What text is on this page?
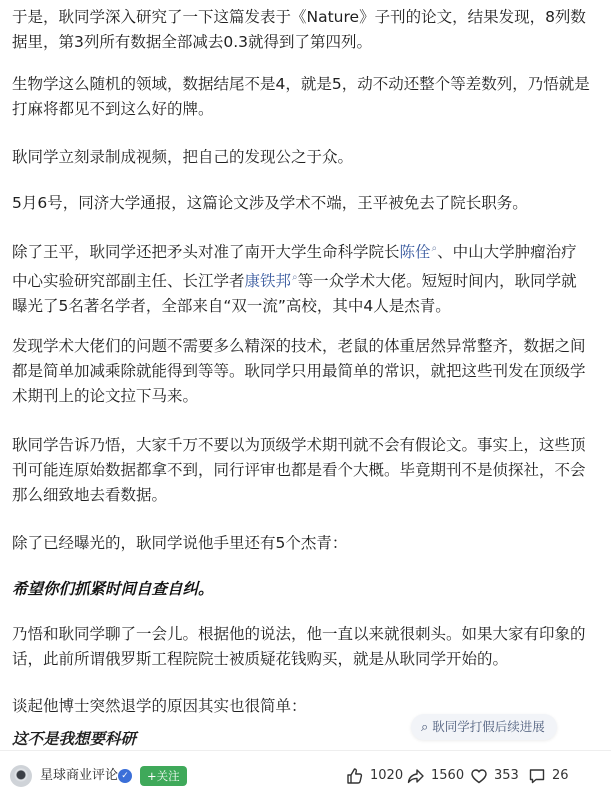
于是，耿同学深入研究了一下这篇发表于《Nature》子刊的论文，结果发现，8列数据里，第3列所有数据全部减去0.3就得到了第四列。

生物学这么随机的领域，数据结尾不是4，就是5，动不动还整个等差数列，乃悟就是打麻将都见不到这么好的牌。

耿同学立刻录制成视频，把自己的发现公之于众。

5月6号，同济大学通报，这篇论文涉及学术不端，王平被免去了院长职务。

除了王平，耿同学还把矛头对准了南开大学生命科学院长陈佺⌕、中山大学肿瘤治疗中心实验研究部副主任、长江学者康铁邦⌕等一众学术大佬。短短时间内，耿同学就曝光了5名著名学者，全部来自“双一流”高校，其中4人是杰青。

发现学术大佬们的问题不需要多么精深的技术，老鼠的体重居然异常整齐，数据之间都是简单加减乘除就能得到等等。耿同学只用最简单的常识，就把这些刊发在顶级学术期刊上的论文拉下马来。

耿同学告诉乃悟，大家千万不要以为顶级学术期刊就不会有假论文。事实上，这些顶刊可能连原始数据都拿不到，同行评审也都是看个大概。毕竟期刊不是侦探社，不会那么细致地去看数据。

除了已经曝光的，耿同学说他手里还有5个杰青：

希望你们抓紧时间自查自纠。

乃悟和耿同学聊了一会儿。根据他的说法，他一直以来就很刺头。如果大家有印象的话，此前所谓俄罗斯工程院院士被质疑花钱购买，就是从耿同学开始的。

谈起他博士突然退学的原因其实也很简单：

这不是我想要科研
⌕ 耿同学打假后续进展
星球商业评论 ✓	+关注	1020 1560 353	26
